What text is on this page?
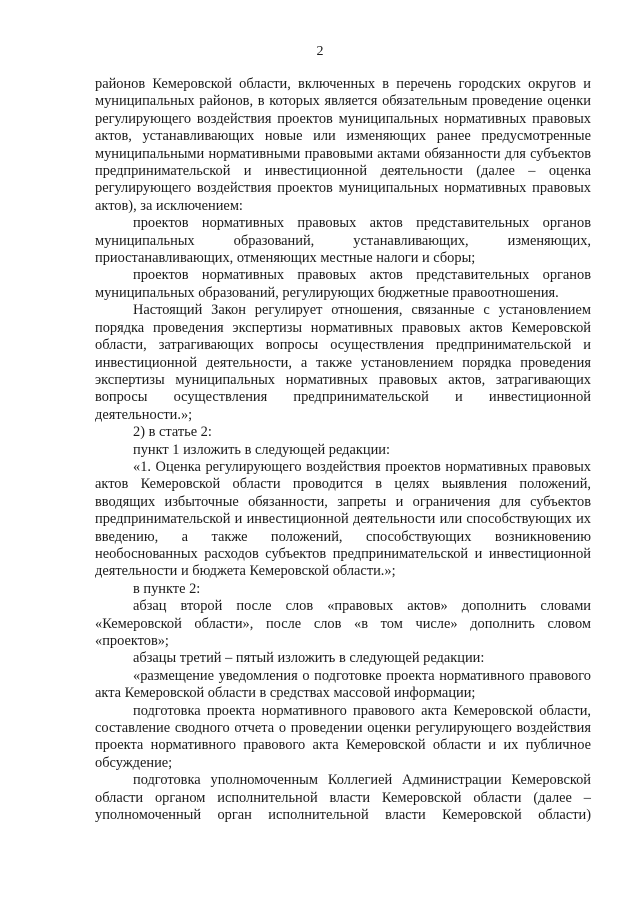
2

районов Кемеровской области, включенных в перечень городских округов и муниципальных районов, в которых является обязательным проведение оценки регулирующего воздействия проектов муниципальных нормативных правовых актов, устанавливающих новые или изменяющих ранее предусмотренные муниципальными нормативными правовыми актами обязанности для субъектов предпринимательской и инвестиционной деятельности (далее – оценка регулирующего воздействия проектов муниципальных нормативных правовых актов), за исключением:

проектов нормативных правовых актов представительных органов муниципальных образований, устанавливающих, изменяющих, приостанавливающих, отменяющих местные налоги и сборы;

проектов нормативных правовых актов представительных органов муниципальных образований, регулирующих бюджетные правоотношения.

Настоящий Закон регулирует отношения, связанные с установлением порядка проведения экспертизы нормативных правовых актов Кемеровской области, затрагивающих вопросы осуществления предпринимательской и инвестиционной деятельности, а также установлением порядка проведения экспертизы муниципальных нормативных правовых актов, затрагивающих вопросы осуществления предпринимательской и инвестиционной деятельности.»;

2) в статье 2:

пункт 1 изложить в следующей редакции:

«1. Оценка регулирующего воздействия проектов нормативных правовых актов Кемеровской области проводится в целях выявления положений, вводящих избыточные обязанности, запреты и ограничения для субъектов предпринимательской и инвестиционной деятельности или способствующих их введению, а также положений, способствующих возникновению необоснованных расходов субъектов предпринимательской и инвестиционной деятельности и бюджета Кемеровской области.»;

в пункте 2:

абзац второй после слов «правовых актов» дополнить словами «Кемеровской области», после слов «в том числе» дополнить словом «проектов»;

абзацы третий – пятый изложить в следующей редакции:

«размещение уведомления о подготовке проекта нормативного правового акта Кемеровской области в средствах массовой информации;

подготовка проекта нормативного правового акта Кемеровской области, составление сводного отчета о проведении оценки регулирующего воздействия проекта нормативного правового акта Кемеровской области и их публичное обсуждение;

подготовка уполномоченным Коллегией Администрации Кемеровской области органом исполнительной власти Кемеровской области (далее – уполномоченный орган исполнительной власти Кемеровской области)
